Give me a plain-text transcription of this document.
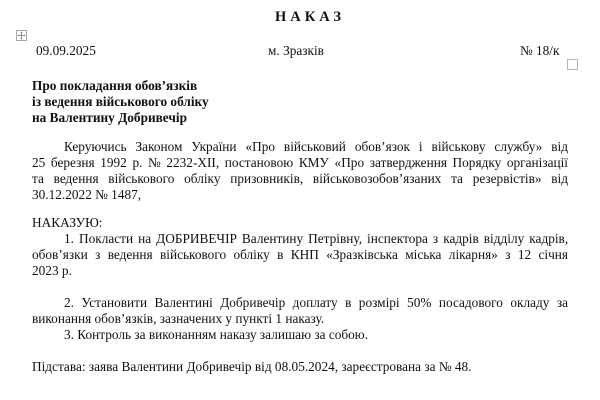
НАКАЗ
09.09.2025	м. Зразків	№ 18/к
Про покладання обов’язків
із ведення військового обліку
на Валентину Добривечір
Керуючись Законом України «Про військовий обов’язок і військову службу» від
25 березня 1992 р. № 2232-XII, постановою КМУ «Про затвердження Порядку організації
та ведення військового обліку призовників, військовозобов’язаних та резервістів» від
30.12.2022 № 1487,
НАКАЗУЮ:
1. Покласти на ДОБРИВЕЧІР Валентину Петрівну, інспектора з кадрів відділу кадрів,
обов’язки з ведення військового обліку в КНП «Зразківська міська лікарня» з 12 січня
2023 р.
2. Установити Валентині Добривечір доплату в розмірі 50% посадового окладу за
виконання обов’язків, зазначених у пункті 1 наказу.
3. Контроль за виконанням наказу залишаю за собою.
Підстава: заява Валентини Добривечір від 08.05.2024, зареєстрована за № 48.
